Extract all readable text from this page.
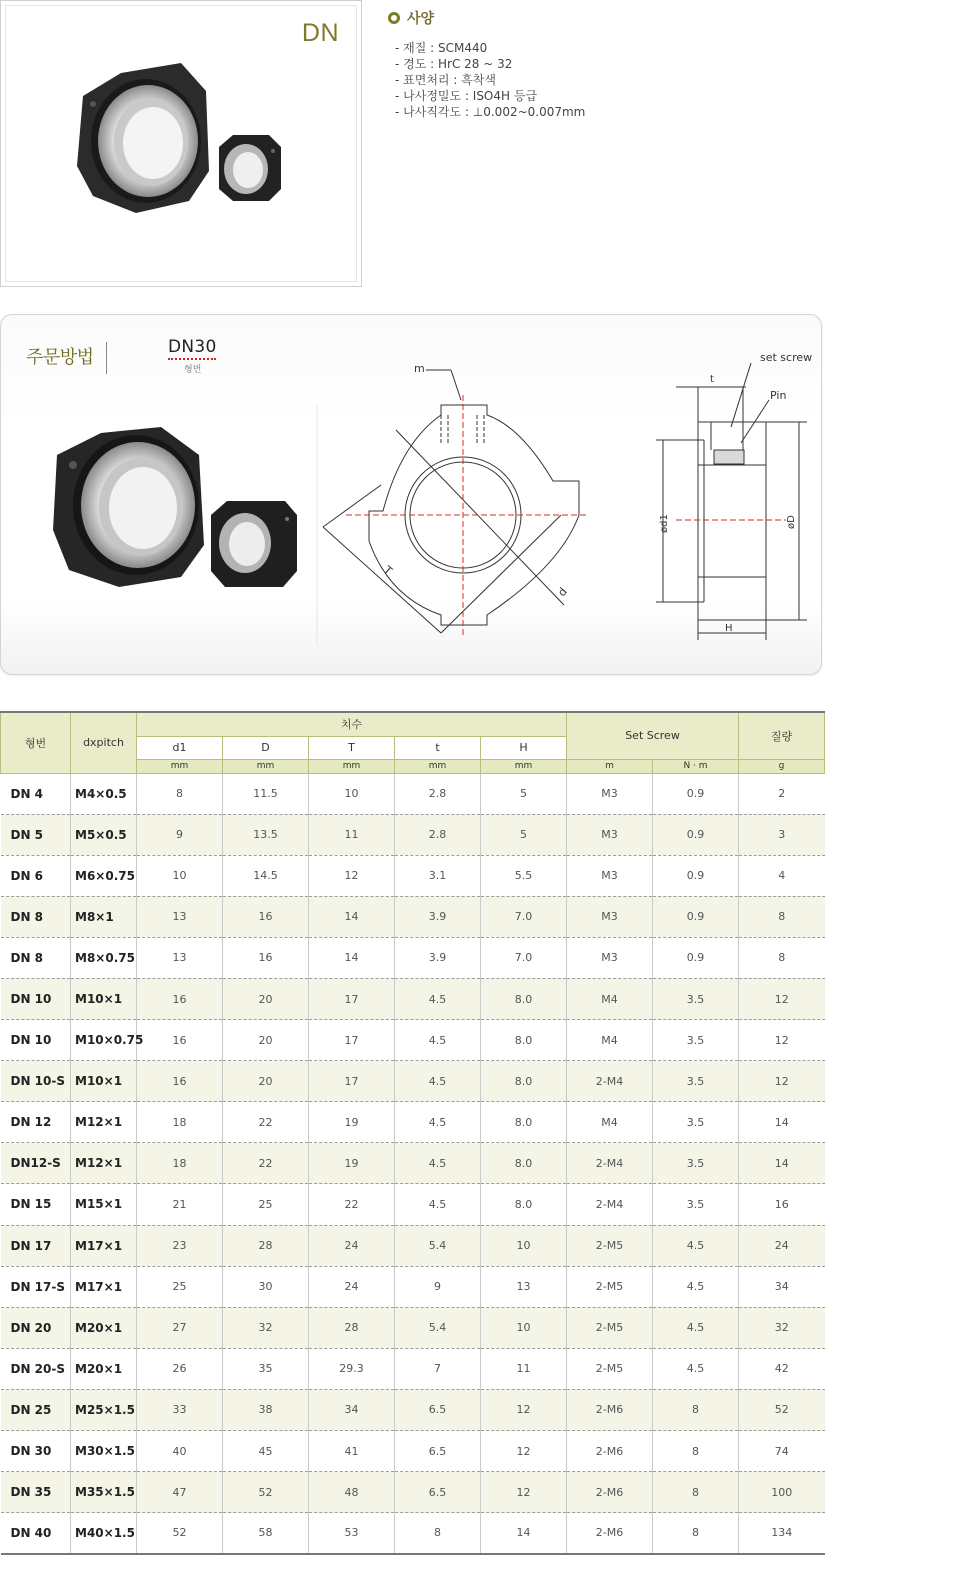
DN	사양
- 재질 : SCM440
- 경도 : HrC 28 ~ 32
- 표면처리 : 흑착색
- 나사정밀도 : ISO4H 등급
- 나사직각도 : ⊥0.002~0.007mm
주문방법	DN30
형번	m
T
d
set screw
Pin
t
ød1	øD
H
형번	dxpitch	치수					Set Screw		질량
		d1	D	T	t	H			
		mm	mm	mm	mm	mm	m	N · m	g
DN 4	M4×0.5	8	11.5	10	2.8	5	M3	0.9	2
DN 5	M5×0.5	9	13.5	11	2.8	5	M3	0.9	3
DN 6	M6×0.75	10	14.5	12	3.1	5.5	M3	0.9	4
DN 8	M8×1	13	16	14	3.9	7.0	M3	0.9	8
DN 8	M8×0.75	13	16	14	3.9	7.0	M3	0.9	8
DN 10	M10×1	16	20	17	4.5	8.0	M4	3.5	12
DN 10	M10×0.75	16	20	17	4.5	8.0	M4	3.5	12
DN 10-S	M10×1	16	20	17	4.5	8.0	2-M4	3.5	12
DN 12	M12×1	18	22	19	4.5	8.0	M4	3.5	14
DN12-S	M12×1	18	22	19	4.5	8.0	2-M4	3.5	14
DN 15	M15×1	21	25	22	4.5	8.0	2-M4	3.5	16
DN 17	M17×1	23	28	24	5.4	10	2-M5	4.5	24
DN 17-S	M17×1	25	30	24	9	13	2-M5	4.5	34
DN 20	M20×1	27	32	28	5.4	10	2-M5	4.5	32
DN 20-S	M20×1	26	35	29.3	7	11	2-M5	4.5	42
DN 25	M25×1.5	33	38	34	6.5	12	2-M6	8	52
DN 30	M30×1.5	40	45	41	6.5	12	2-M6	8	74
DN 35	M35×1.5	47	52	48	6.5	12	2-M6	8	100
DN 40	M40×1.5	52	58	53	8	14	2-M6	8	134
